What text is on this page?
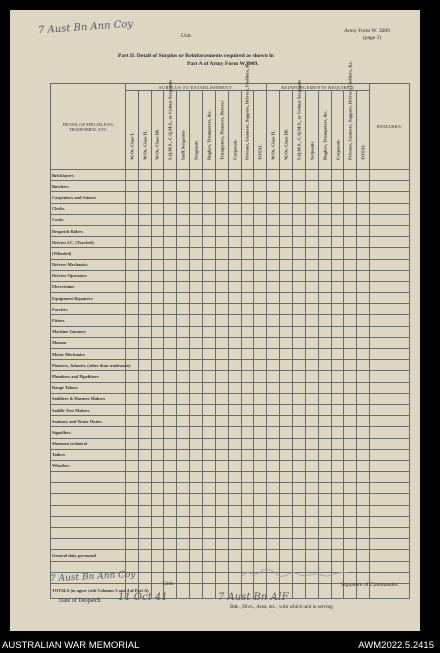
7 Aust Bn Ann Coy	Unit.
Army Form W. 3009
(page 2)
Part D. Detail of Surplus or Reinforcements required as shown in
Part A of Army Form W.3009.
DETAIL OF SPECIALISTS, TRADESMEN, ETC.	SURPLUS TO ESTABLISHMENT.											REINFORCEMENTS REQUIRED.								REMARKS.

	W.Os. Class I.	W.Os. Class II.	W.Os. Class III.	S.Q.M.S., C.Q.M.S., or Colour Sergeants	Staff Sergeants	Sergeants	Buglers, Trumpeters, &c.	Trumpeters, Pioneers, Drivers	Corporals	Privates, Gunners, Sappers, Drivers, Fusiliers, &c.	TOTAL	W.Os. Class II.	W.Os. Class III.	S.Q.M.S., C.Q.M.S., or Colour Sergeants	Serjeants	Buglers, Trumpeters, &c.	Corporals	Privates, Gunners, Sappers, Drivers, Fusiliers, &c.	TOTAL	

Bricklayers																				
Butchers																				
Carpenters and Joiners																				
Clerks																				
Cooks																				
Despatch Riders																				
Drivers I.C. (Tracked)																				
(Wheeled)																				
Drivers-Mechanics																				
Drivers-Operators																				
Electricians																				
Equipment Repairers																				
Farriers																				
Fitters																				
Machine Gunners																				
Masons																				
Motor Mechanics																				
Pioneers, Infantry (other than tradesmen)																				
Plumbers and Pipefitters																				
Range Takers																				
Saddlers & Harness Makers																				
Saddle Tree Makers																				
Sanitary and Water Duties																				
Signallers																				
Shoemen technical																				
Tailors																				
Wheelers																				

General duty personnel																				

TOTALS (to agree with Columns 3 and 4 of Part A)																				
7 Aust Bn Ann Coy	Unit.	Signature of Commander.
Date of Despatch 11 Oct 41	7 Aust Bn AIF
Bde., Divn., Area, etc., with which unit is serving.
AUSTRALIAN WAR MEMORIAL	AWM2022.5.2415
